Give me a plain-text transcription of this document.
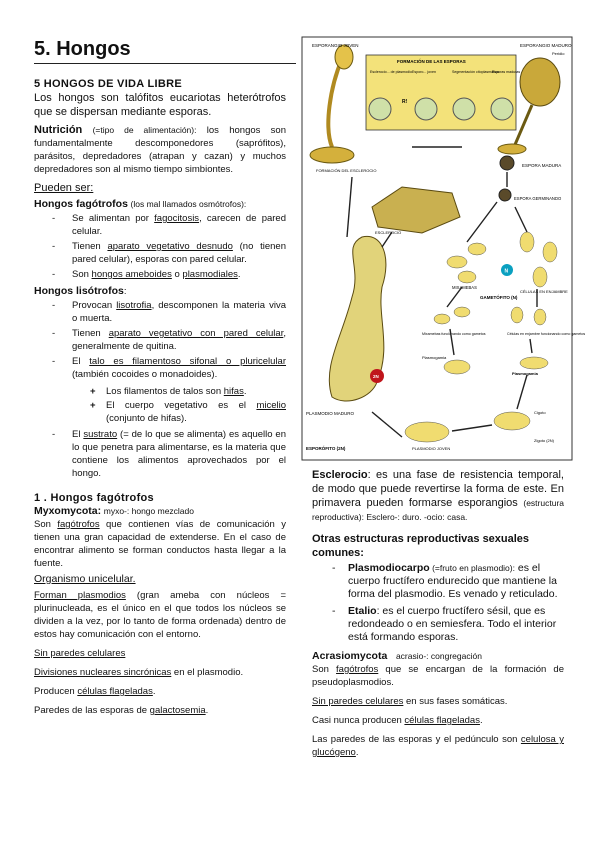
5. Hongos
5 HONGOS DE VIDA LIBRE

Los hongos son talófitos eucariotas heterótrofos que se dispersan mediante esporas.

Nutrición (=tipo de alimentación): los hongos son fundamentalmente descomponedores (saprófitos), parásitos, depredadores (atrapan y cazan) y muchos depredadores son al mismo tiempo simbiontes.

Pueden ser:

Hongos fagótrofos (los mal llamados osmótrofos):
- Se alimentan por fagocitosis, carecen de pared celular.
- Tienen aparato vegetativo desnudo (no tienen pared celular), esporas con pared celular.
- Son hongos ameboides o plasmodiales.
Hongos lisótrofos:
- Provocan lisotrofia, descomponen la materia viva o muerta.
- Tienen aparato vegetativo con pared celular, generalmente de quitina.
- El talo es filamentoso sifonal o pluricelular (también cocoides o monadoides).
+ Los filamentos de talos son hifas.
+ El cuerpo vegetativo es el micelio (conjunto de hifas).
- El sustrato (= de lo que se alimenta) es aquello en lo que penetra para alimentarse, es la materia que contiene los alimentos aprovechados por el hongo.
1 . Hongos fagótrofos
Myxomycota: myxo-: hongo mezclado

Son fagótrofos que contienen vías de comunicación y tienen una gran capacidad de extenderse. En el caso de encontrar alimento se forman conductos hasta llegar a la fuente.

Organismo unicelular.

Forman plasmodios (gran ameba con núcleos = plurinucleada, es el único en el que todos los núcleos se dividen a la vez, por lo tanto de forma ordenada) dentro de estos hay comunicación con el entorno.

Sin paredes celulares

Divisiones nucleares sincrónicas en el plasmodio.

Producen células flageladas.

Paredes de las esporas de galactosemia.

ESPORANGIO JOVEN
FORMACIÓN DEL ESCLEROCIO
FORMACIÓN DE LAS ESPORAS
Esclerocio... de plasmodio Esporo... joven	Segmentación citoplasmática
Esporas maduras
R!
ESPORANGIO MADURO
Peridio
ESPORA MADURA
ESPORA GERMINANDO
ESCLEROCIO
PLASMODIO MADURO
2N
MIXAMEBAS
CÉLULAS EN ENJAMBRE
N
GAMETÓFITO (N)
Mixamebas funcionando como gametos	Células en enjambre funcionando como gametos
Plasmogamia
Plasmogamia
Cigoto
Zigoto (2N)
PLASMODIO JOVEN
ESPORÓFITO (2N)

Esclerocio: es una fase de resistencia temporal, de modo que puede revertirse la forma de este. En primavera pueden formarse esporangios (estructura reproductiva): Esclero-: duro. -ocio: casa.

Otras estructuras reproductivas sexuales comunes:
- Plasmodiocarpo (=fruto en plasmodio): es el cuerpo fructífero endurecido que mantiene la forma del plasmodio. Es venado y reticulado.
- Etalio: es el cuerpo fructífero sésil, que es redondeado o en semiesfera. Todo el interior está formando esporas.
Acrasiomycota acrasio-: congregación

Son fagótrofos que se encargan de la formación de pseudoplasmodios.

Sin paredes celulares en sus fases somáticas.

Casi nunca producen células flageladas.

Las paredes de las esporas y el pedúnculo son celulosa y glucógeno.
